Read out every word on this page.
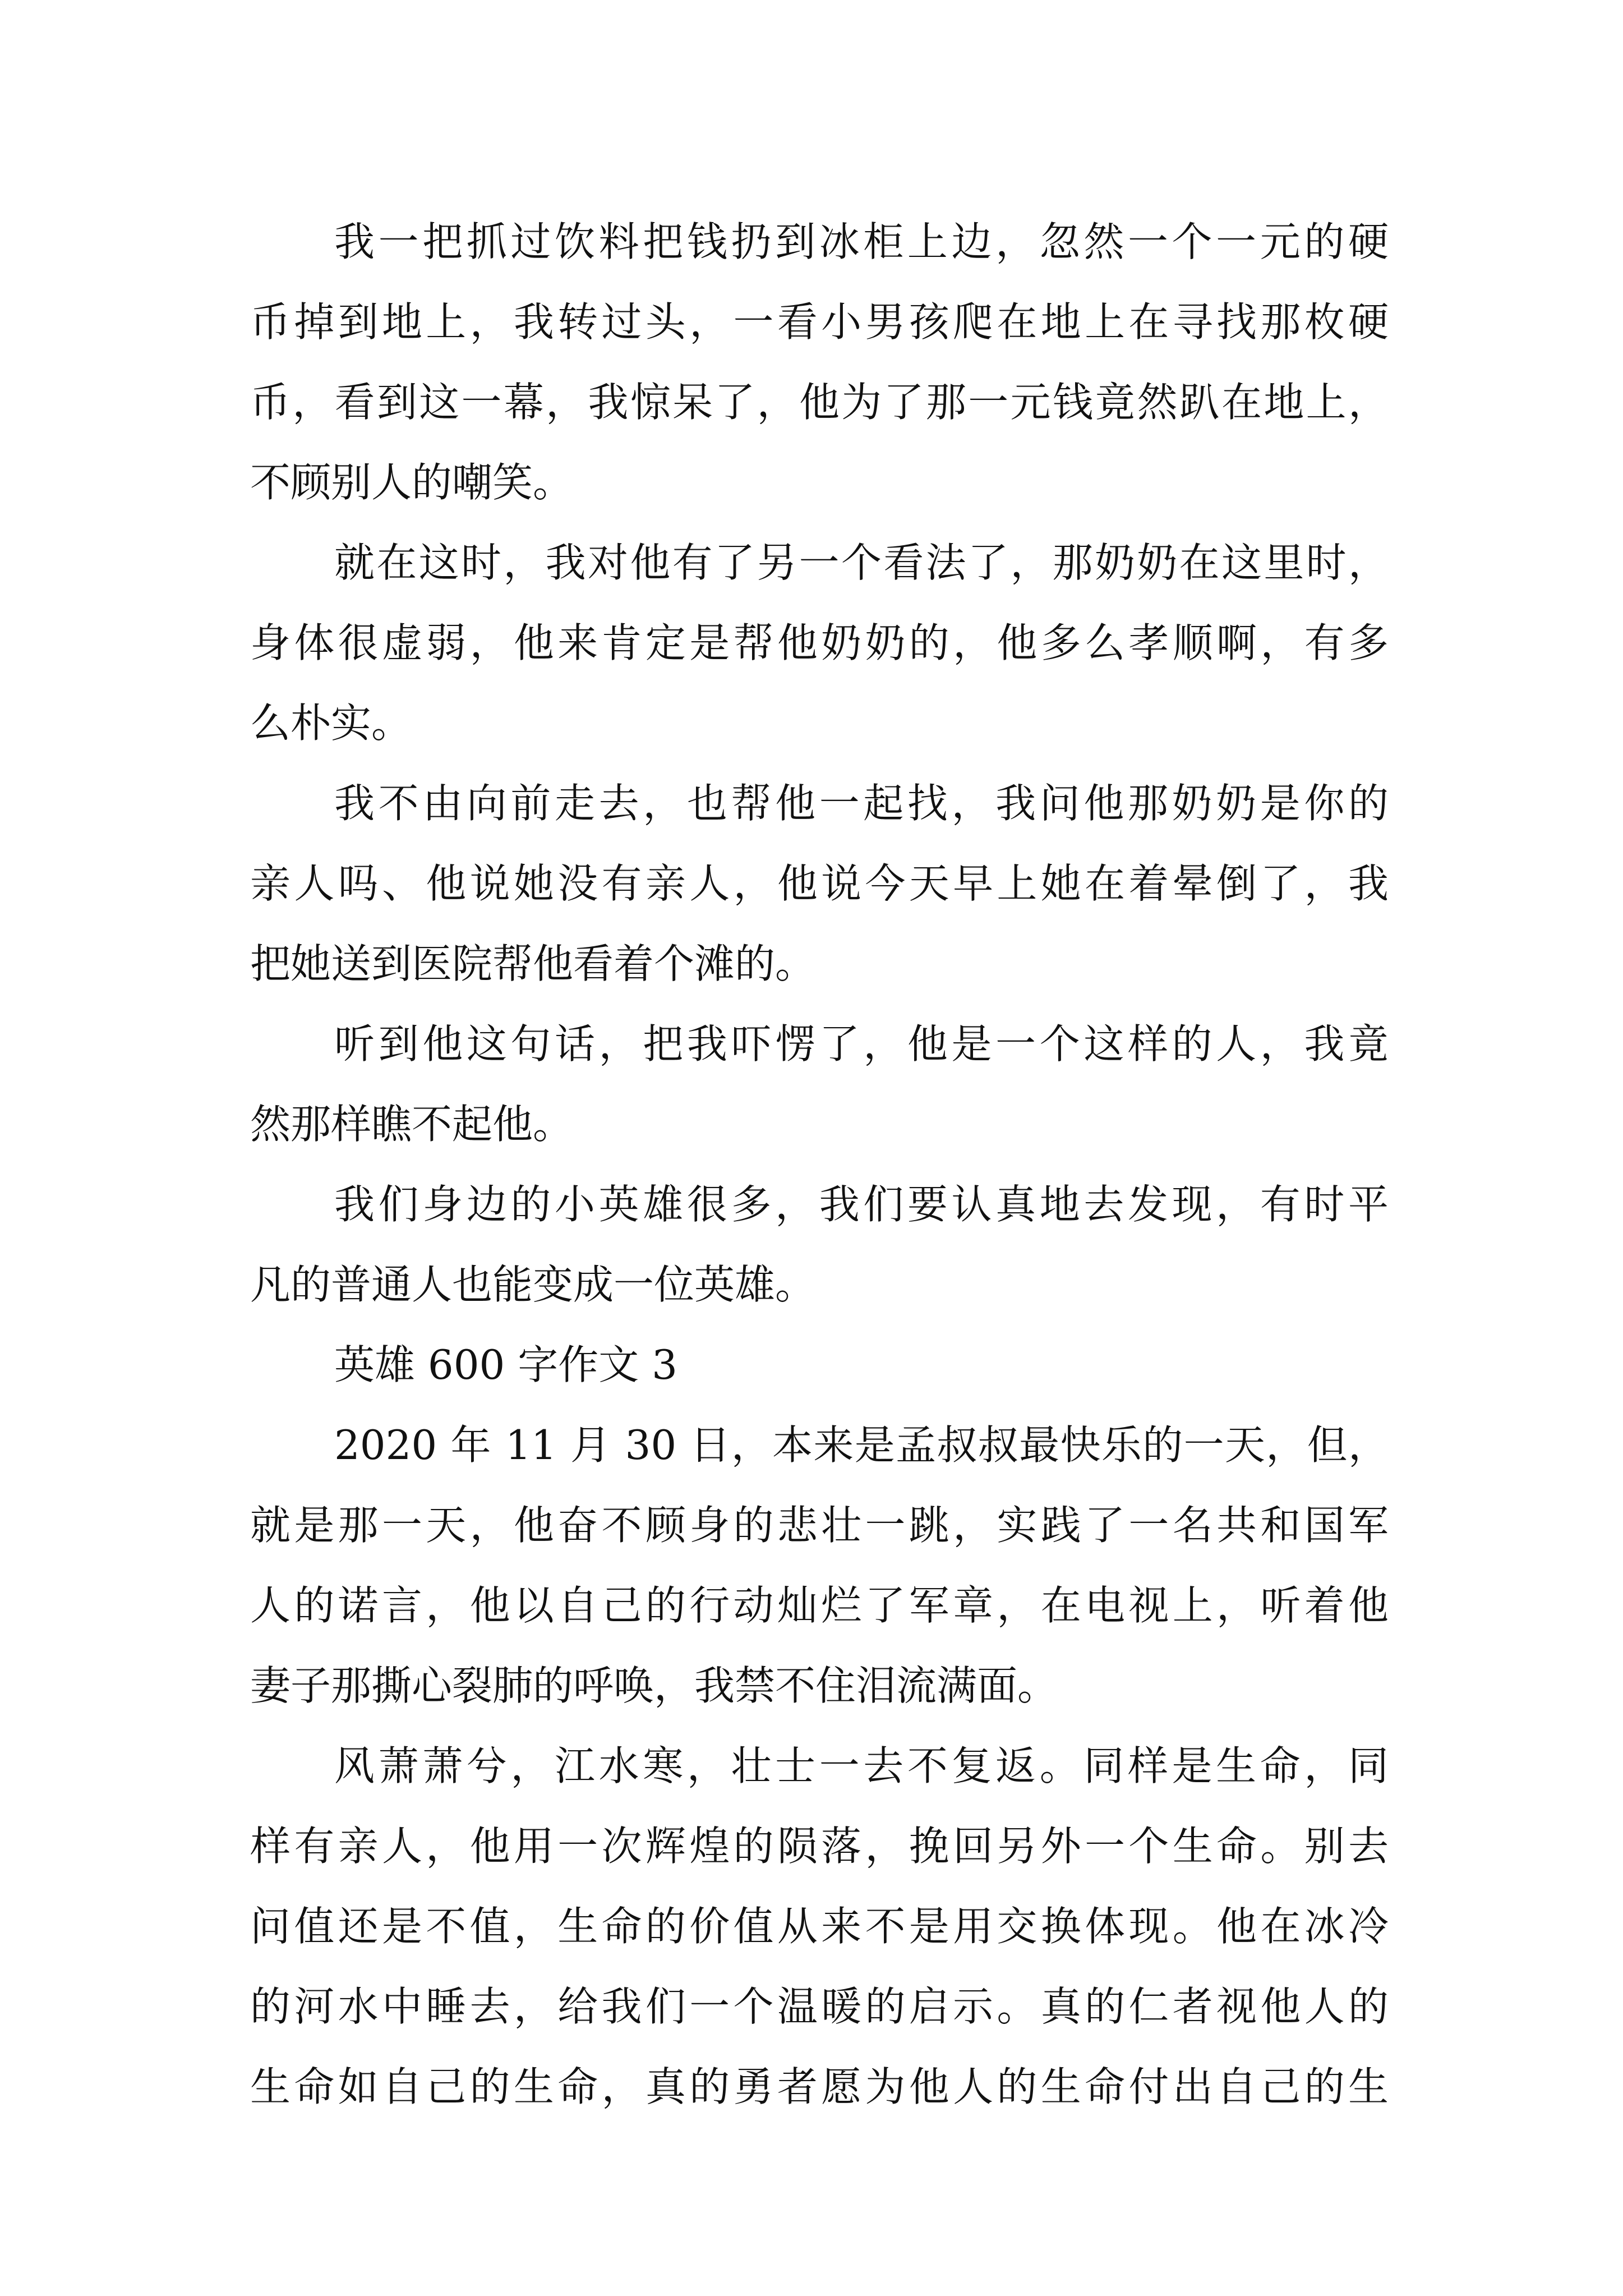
我一把抓过饮料把钱扔到冰柜上边，忽然一个一元的硬
币掉到地上，我转过头，一看小男孩爬在地上在寻找那枚硬
币，看到这一幕，我惊呆了，他为了那一元钱竟然趴在地上，
不顾别人的嘲笑。
就在这时，我对他有了另一个看法了，那奶奶在这里时，
身体很虚弱，他来肯定是帮他奶奶的，他多么孝顺啊，有多
么朴实。
我不由向前走去，也帮他一起找，我问他那奶奶是你的
亲人吗、他说她没有亲人，他说今天早上她在着晕倒了，我
把她送到医院帮他看着个滩的。
听到他这句话，把我吓愣了，他是一个这样的人，我竟
然那样瞧不起他。
我们身边的小英雄很多，我们要认真地去发现，有时平
凡的普通人也能变成一位英雄。
英雄 600 字作文 3
2020 年 11 月 30 日，本来是孟叔叔最快乐的一天，但，
就是那一天，他奋不顾身的悲壮一跳，实践了一名共和国军
人的诺言，他以自己的行动灿烂了军章，在电视上，听着他
妻子那撕心裂肺的呼唤，我禁不住泪流满面。
风萧萧兮，江水寒，壮士一去不复返。同样是生命，同
样有亲人，他用一次辉煌的陨落，挽回另外一个生命。别去
问值还是不值，生命的价值从来不是用交换体现。他在冰冷
的河水中睡去，给我们一个温暖的启示。真的仁者视他人的
生命如自己的生命，真的勇者愿为他人的生命付出自己的生
